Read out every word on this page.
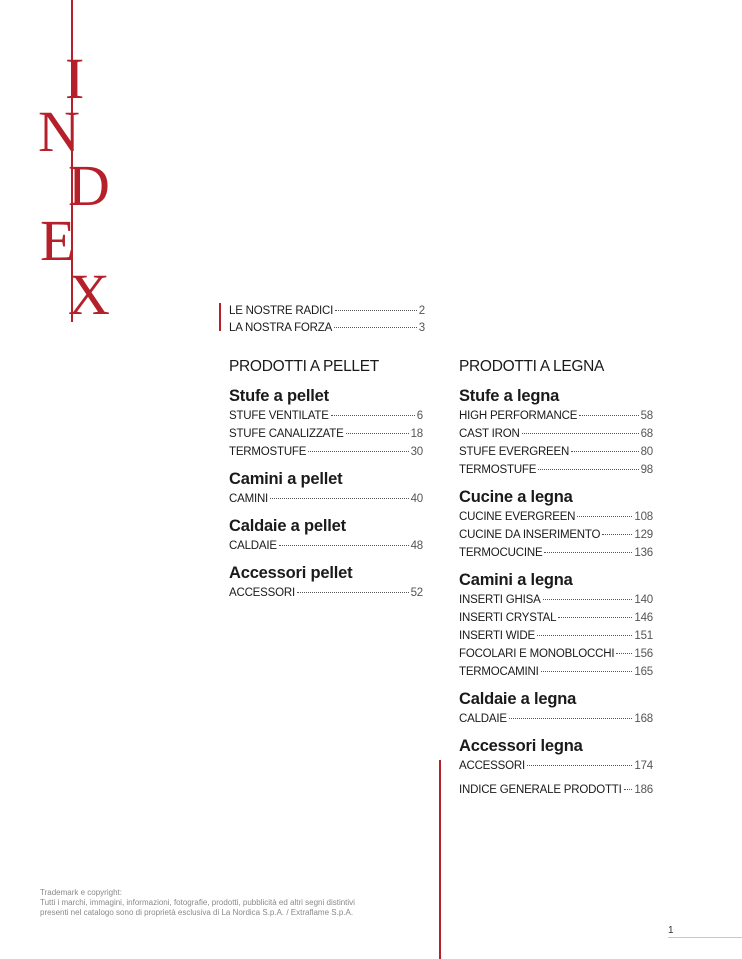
I
N
D
E
X	LE NOSTRE RADICI	2
LA NOSTRA FORZA	3
PRODOTTI A PELLET
Stufe a pellet
STUFE VENTILATE	6
STUFE CANALIZZATE	18
TERMOSTUFE	30
Camini a pellet
CAMINI	40
Caldaie a pellet
CALDAIE	48
Accessori pellet
ACCESSORI	52
PRODOTTI A LEGNA
Stufe a legna
HIGH PERFORMANCE	58
CAST IRON	68
STUFE EVERGREEN	80
TERMOSTUFE	98
Cucine a legna
CUCINE EVERGREEN	108
CUCINE DA INSERIMENTO	129
TERMOCUCINE	136
Camini a legna
INSERTI GHISA	140
INSERTI CRYSTAL	146
INSERTI WIDE	151
FOCOLARI E MONOBLOCCHI 156
TERMOCAMINI	165
Caldaie a legna
CALDAIE	168
Accessori legna
ACCESSORI	174
INDICE GENERALE PRODOTTI 186
Trademark e copyright:
Tutti i marchi, immagini, informazioni, fotografie, prodotti, pubblicità ed altri segni distintivi
presenti nel catalogo sono di proprietà esclusiva di La Nordica S.p.A. / Extraflame S.p.A.
1
